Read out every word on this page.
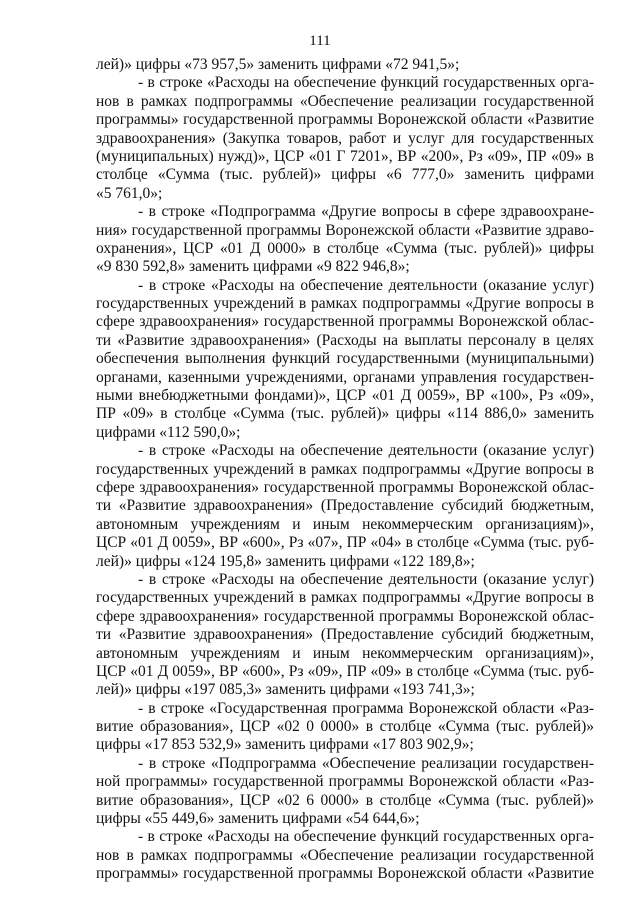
111
лей)» цифры «73 957,5» заменить цифрами «72 941,5»;
- в строке «Расходы на обеспечение функций государственных орга-
нов в рамках подпрограммы «Обеспечение реализации государственной
программы» государственной программы Воронежской области «Развитие
здравоохранения» (Закупка товаров, работ и услуг для государственных
(муниципальных) нужд)», ЦСР «01 Г 7201», ВР «200», Рз «09», ПР «09» в
столбце «Сумма (тыс. рублей)» цифры «6 777,0» заменить цифрами
«5 761,0»;
- в строке «Подпрограмма «Другие вопросы в сфере здравоохране-
ния» государственной программы Воронежской области «Развитие здраво-
охранения», ЦСР «01 Д 0000» в столбце «Сумма (тыс. рублей)» цифры
«9 830 592,8» заменить цифрами «9 822 946,8»;
- в строке «Расходы на обеспечение деятельности (оказание услуг)
государственных учреждений в рамках подпрограммы «Другие вопросы в
сфере здравоохранения» государственной программы Воронежской облас-
ти «Развитие здравоохранения» (Расходы на выплаты персоналу в целях
обеспечения выполнения функций государственными (муниципальными)
органами, казенными учреждениями, органами управления государствен-
ными внебюджетными фондами)», ЦСР «01 Д 0059», ВР «100», Рз «09»,
ПР «09» в столбце «Сумма (тыс. рублей)» цифры «114 886,0» заменить
цифрами «112 590,0»;
- в строке «Расходы на обеспечение деятельности (оказание услуг)
государственных учреждений в рамках подпрограммы «Другие вопросы в
сфере здравоохранения» государственной программы Воронежской облас-
ти «Развитие здравоохранения» (Предоставление субсидий бюджетным,
автономным учреждениям и иным некоммерческим организациям)»,
ЦСР «01 Д 0059», ВР «600», Рз «07», ПР «04» в столбце «Сумма (тыс. руб-
лей)» цифры «124 195,8» заменить цифрами «122 189,8»;
- в строке «Расходы на обеспечение деятельности (оказание услуг)
государственных учреждений в рамках подпрограммы «Другие вопросы в
сфере здравоохранения» государственной программы Воронежской облас-
ти «Развитие здравоохранения» (Предоставление субсидий бюджетным,
автономным учреждениям и иным некоммерческим организациям)»,
ЦСР «01 Д 0059», ВР «600», Рз «09», ПР «09» в столбце «Сумма (тыс. руб-
лей)» цифры «197 085,3» заменить цифрами «193 741,3»;
- в строке «Государственная программа Воронежской области «Раз-
витие образования», ЦСР «02 0 0000» в столбце «Сумма (тыс. рублей)»
цифры «17 853 532,9» заменить цифрами «17 803 902,9»;
- в строке «Подпрограмма «Обеспечение реализации государствен-
ной программы» государственной программы Воронежской области «Раз-
витие образования», ЦСР «02 6 0000» в столбце «Сумма (тыс. рублей)»
цифры «55 449,6» заменить цифрами «54 644,6»;
- в строке «Расходы на обеспечение функций государственных орга-
нов в рамках подпрограммы «Обеспечение реализации государственной
программы» государственной программы Воронежской области «Развитие
